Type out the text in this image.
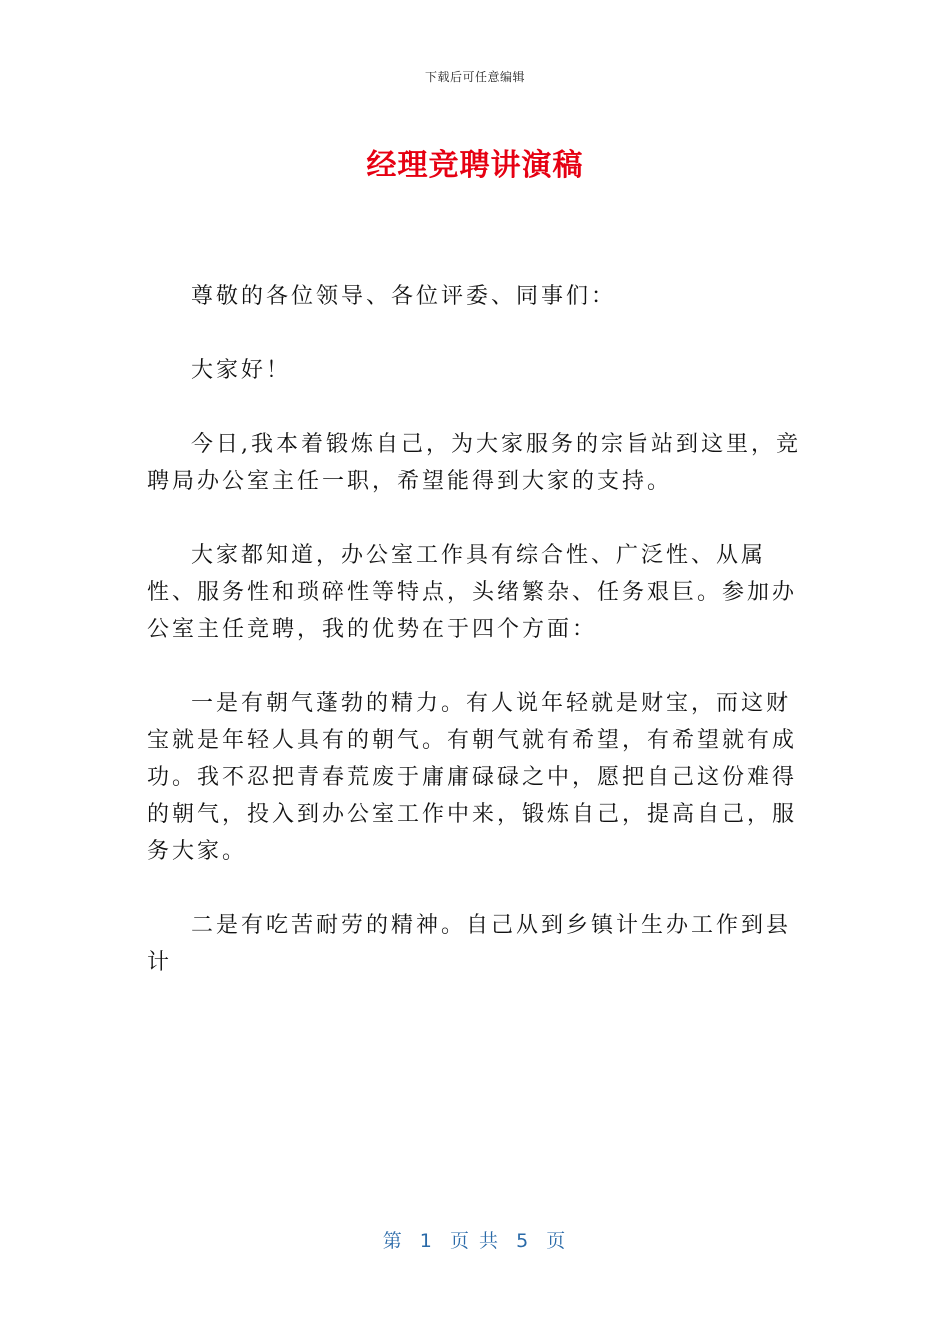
下载后可任意编辑
经理竞聘讲演稿

尊敬的各位领导、各位评委、同事们：

大家好！

今日,我本着锻炼自己，为大家服务的宗旨站到这里，竞聘局办公室主任一职，希望能得到大家的支持。

大家都知道，办公室工作具有综合性、广泛性、从属性、服务性和琐碎性等特点，头绪繁杂、任务艰巨。参加办公室主任竞聘，我的优势在于四个方面：

一是有朝气蓬勃的精力。有人说年轻就是财宝，而这财宝就是年轻人具有的朝气。有朝气就有希望，有希望就有成功。我不忍把青春荒废于庸庸碌碌之中，愿把自己这份难得的朝气，投入到办公室工作中来，锻炼自己，提高自己，服务大家。

二是有吃苦耐劳的精神。自己从到乡镇计生办工作到县计

第  1  页 共  5  页
